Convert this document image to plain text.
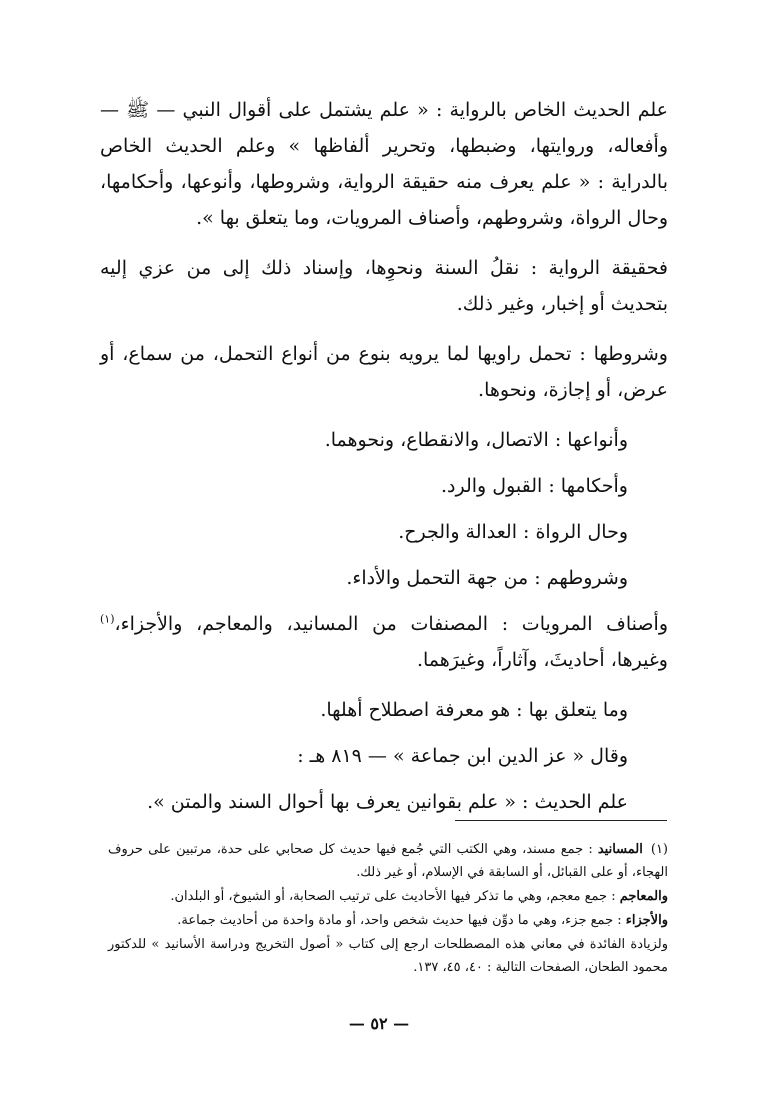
علم الحديث الخاص بالرواية : « علم يشتمل على أقوال النبي — ﷺ — وأفعاله، وروايتها، وضبطها، وتحرير ألفاظها » وعلم الحديث الخاص بالدراية : « علم يعرف منه حقيقة الرواية، وشروطها، وأنوعها، وأحكامها، وحال الرواة، وشروطهم، وأصناف المرويات، وما يتعلق بها ».

فحقيقة الرواية : نقلُ السنة ونحوِها، وإسناد ذلك إلى من عزي إليه بتحديث أو إخبار، وغير ذلك.

وشروطها : تحمل راويها لما يرويه بنوع من أنواع التحمل، من سماع، أو عرض، أو إجازة، ونحوها.

وأنواعها : الاتصال، والانقطاع، ونحوهما.

وأحكامها : القبول والرد.

وحال الرواة : العدالة والجرح.

وشروطهم : من جهة التحمل والأداء.

وأصناف المرويات : المصنفات من المسانيد، والمعاجم، والأجزاء،$^{(١)}$ وغيرها، أحاديثَ، وآثاراً، وغيرَهما.

وما يتعلق بها : هو معرفة اصطلاح أهلها.

وقال « عز الدين ابن جماعة » — ٨١٩ هـ :

علم الحديث : « علم بقوانين يعرف بها أحوال السند والمتن ».

(١)المسانيد : جمع مسند، وهي الكتب التي جُمع فيها حديث كل صحابي على حدة، مرتبين على حروف الهجاء، أو على القبائل، أو السابقة في الإسلام، أو غير ذلك.

والمعاجم : جمع معجم، وهي ما تذكر فيها الأحاديث على ترتيب الصحابة، أو الشيوخ، أو البلدان.

والأجزاء : جمع جزء، وهي ما دوِّن فيها حديث شخص واحد، أو مادة واحدة من أحاديث جماعة.

ولزيادة الفائدة في معاني هذه المصطلحات ارجع إلى كتاب « أصول التخريج ودراسة الأسانيد » للدكتور محمود الطحان، الصفحات التالية : ٤٠، ٤٥، ١٣٧.

— ٥٢ —
